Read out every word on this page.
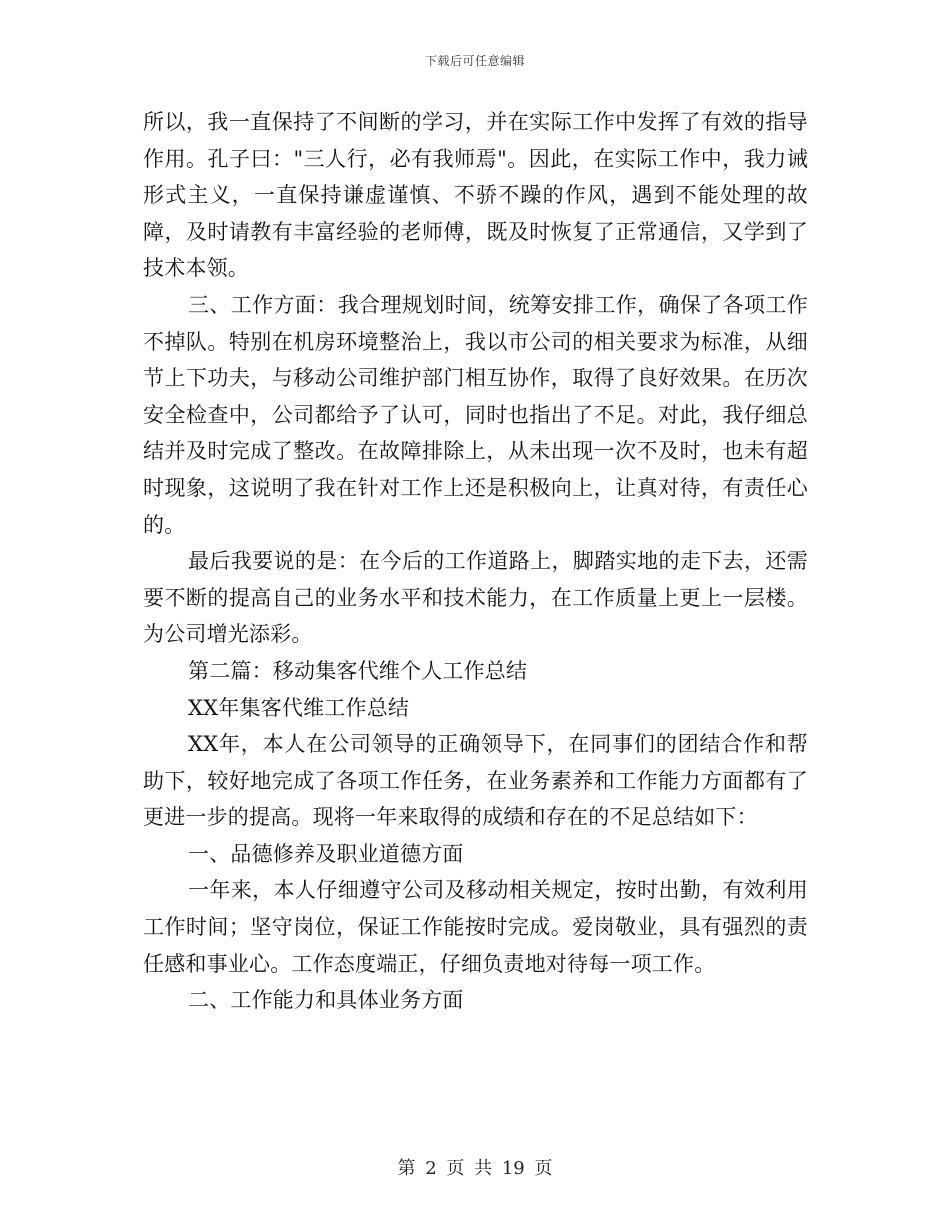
下载后可任意编辑

所以，我一直保持了不间断的学习，并在实际工作中发挥了有效的指导作用。孔子曰："三人行，必有我师焉"。因此，在实际工作中，我力诫形式主义，一直保持谦虚谨慎、不骄不躁的作风，遇到不能处理的故障，及时请教有丰富经验的老师傅，既及时恢复了正常通信，又学到了技术本领。

三、工作方面：我合理规划时间，统筹安排工作，确保了各项工作不掉队。特别在机房环境整治上，我以市公司的相关要求为标准，从细节上下功夫，与移动公司维护部门相互协作，取得了良好效果。在历次安全检查中，公司都给予了认可，同时也指出了不足。对此，我仔细总结并及时完成了整改。在故障排除上，从未出现一次不及时，也未有超时现象，这说明了我在针对工作上还是积极向上，让真对待，有责任心的。

最后我要说的是：在今后的工作道路上，脚踏实地的走下去，还需要不断的提高自己的业务水平和技术能力，在工作质量上更上一层楼。为公司增光添彩。

第二篇：移动集客代维个人工作总结

XX年集客代维工作总结

XX年，本人在公司领导的正确领导下，在同事们的团结合作和帮助下，较好地完成了各项工作任务，在业务素养和工作能力方面都有了更进一步的提高。现将一年来取得的成绩和存在的不足总结如下：

一、品德修养及职业道德方面

一年来，本人仔细遵守公司及移动相关规定，按时出勤，有效利用工作时间；坚守岗位，保证工作能按时完成。爱岗敬业，具有强烈的责任感和事业心。工作态度端正，仔细负责地对待每一项工作。

二、工作能力和具体业务方面

第 2 页 共 19 页
